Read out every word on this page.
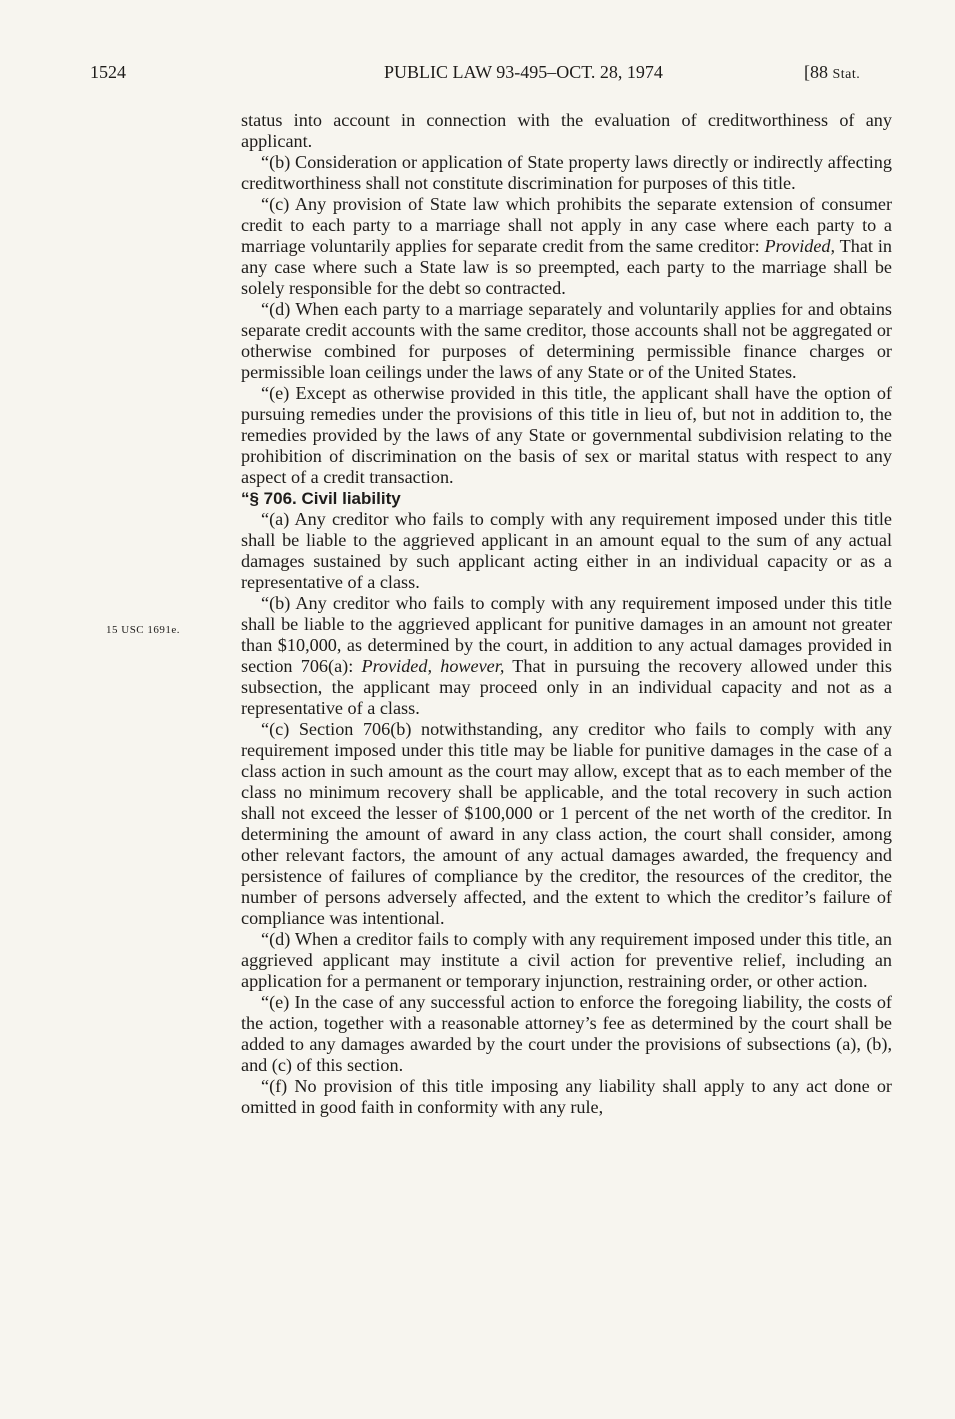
1524	PUBLIC LAW 93-495–OCT. 28, 1974	[88 Stat.
15 USC 1691e.

status into account in connection with the evaluation of creditworthiness of any applicant.

“(b) Consideration or application of State property laws directly or indirectly affecting creditworthiness shall not constitute discrimination for purposes of this title.

“(c) Any provision of State law which prohibits the separate extension of consumer credit to each party to a marriage shall not apply in any case where each party to a marriage voluntarily applies for separate credit from the same creditor: Provided, That in any case where such a State law is so preempted, each party to the marriage shall be solely responsible for the debt so contracted.

“(d) When each party to a marriage separately and voluntarily applies for and obtains separate credit accounts with the same creditor, those accounts shall not be aggregated or otherwise combined for purposes of determining permissible finance charges or permissible loan ceilings under the laws of any State or of the United States.

“(e) Except as otherwise provided in this title, the applicant shall have the option of pursuing remedies under the provisions of this title in lieu of, but not in addition to, the remedies provided by the laws of any State or governmental subdivision relating to the prohibition of discrimination on the basis of sex or marital status with respect to any aspect of a credit transaction.

“§ 706. Civil liability

“(a) Any creditor who fails to comply with any requirement imposed under this title shall be liable to the aggrieved applicant in an amount equal to the sum of any actual damages sustained by such applicant acting either in an individual capacity or as a representative of a class.

“(b) Any creditor who fails to comply with any requirement imposed under this title shall be liable to the aggrieved applicant for punitive damages in an amount not greater than $10,000, as determined by the court, in addition to any actual damages provided in section 706(a): Provided, however, That in pursuing the recovery allowed under this subsection, the applicant may proceed only in an individual capacity and not as a representative of a class.

“(c) Section 706(b) notwithstanding, any creditor who fails to comply with any requirement imposed under this title may be liable for punitive damages in the case of a class action in such amount as the court may allow, except that as to each member of the class no minimum recovery shall be applicable, and the total recovery in such action shall not exceed the lesser of $100,000 or 1 percent of the net worth of the creditor. In determining the amount of award in any class action, the court shall consider, among other relevant factors, the amount of any actual damages awarded, the frequency and persistence of failures of compliance by the creditor, the resources of the creditor, the number of persons adversely affected, and the extent to which the creditor’s failure of compliance was intentional.

“(d) When a creditor fails to comply with any requirement imposed under this title, an aggrieved applicant may institute a civil action for preventive relief, including an application for a permanent or temporary injunction, restraining order, or other action.

“(e) In the case of any successful action to enforce the foregoing liability, the costs of the action, together with a reasonable attorney’s fee as determined by the court shall be added to any damages awarded by the court under the provisions of subsections (a), (b), and (c) of this section.

“(f) No provision of this title imposing any liability shall apply to any act done or omitted in good faith in conformity with any rule,
